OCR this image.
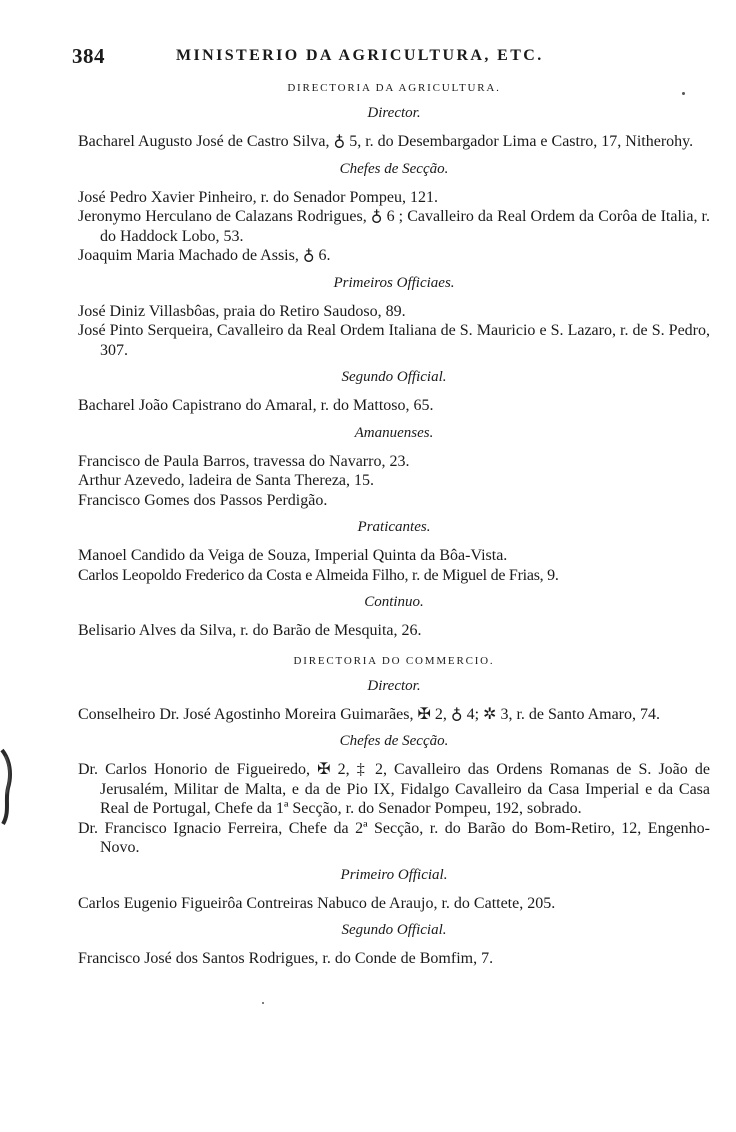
384	MINISTERIO DA AGRICULTURA, ETC.
DIRECTORIA DA AGRICULTURA.
Director.

Bacharel Augusto José de Castro Silva, ♁ 5, r. do Desembargador Lima e Castro, 17, Nitherohy.

Chefes de Secção.

José Pedro Xavier Pinheiro, r. do Senador Pompeu, 121.

Jeronymo Herculano de Calazans Rodrigues, ♁ 6 ; Cavalleiro da Real Ordem da Corôa de Italia, r. do Haddock Lobo, 53.

Joaquim Maria Machado de Assis, ♁ 6.

Primeiros Officiaes.

José Diniz Villasbôas, praia do Retiro Saudoso, 89.

José Pinto Serqueira, Cavalleiro da Real Ordem Italiana de S. Mauricio e S. Lazaro, r. de S. Pedro, 307.

Segundo Official.

Bacharel João Capistrano do Amaral, r. do Mattoso, 65.

Amanuenses.

Francisco de Paula Barros, travessa do Navarro, 23.

Arthur Azevedo, ladeira de Santa Thereza, 15.

Francisco Gomes dos Passos Perdigão.

Praticantes.

Manoel Candido da Veiga de Souza, Imperial Quinta da Bôa-Vista.

Carlos Leopoldo Frederico da Costa e Almeida Filho, r. de Miguel de Frias, 9.

Continuo.

Belisario Alves da Silva, r. do Barão de Mesquita, 26.

DIRECTORIA DO COMMERCIO.
Director.

Conselheiro Dr. José Agostinho Moreira Guimarães, ✠ 2, ♁ 4; ✲ 3, r. de Santo Amaro, 74.

Chefes de Secção.

Dr. Carlos Honorio de Figueiredo, ✠ 2, ‡ 2, Cavalleiro das Ordens Romanas de S. João de Jerusalém, Militar de Malta, e da de Pio IX, Fidalgo Cavalleiro da Casa Imperial e da Casa Real de Portugal, Chefe da 1ª Secção, r. do Senador Pompeu, 192, sobrado.

Dr. Francisco Ignacio Ferreira, Chefe da 2ª Secção, r. do Barão do Bom-Retiro, 12, Engenho-Novo.

Primeiro Official.

Carlos Eugenio Figueirôa Contreiras Nabuco de Araujo, r. do Cattete, 205.

Segundo Official.

Francisco José dos Santos Rodrigues, r. do Conde de Bomfim, 7.
